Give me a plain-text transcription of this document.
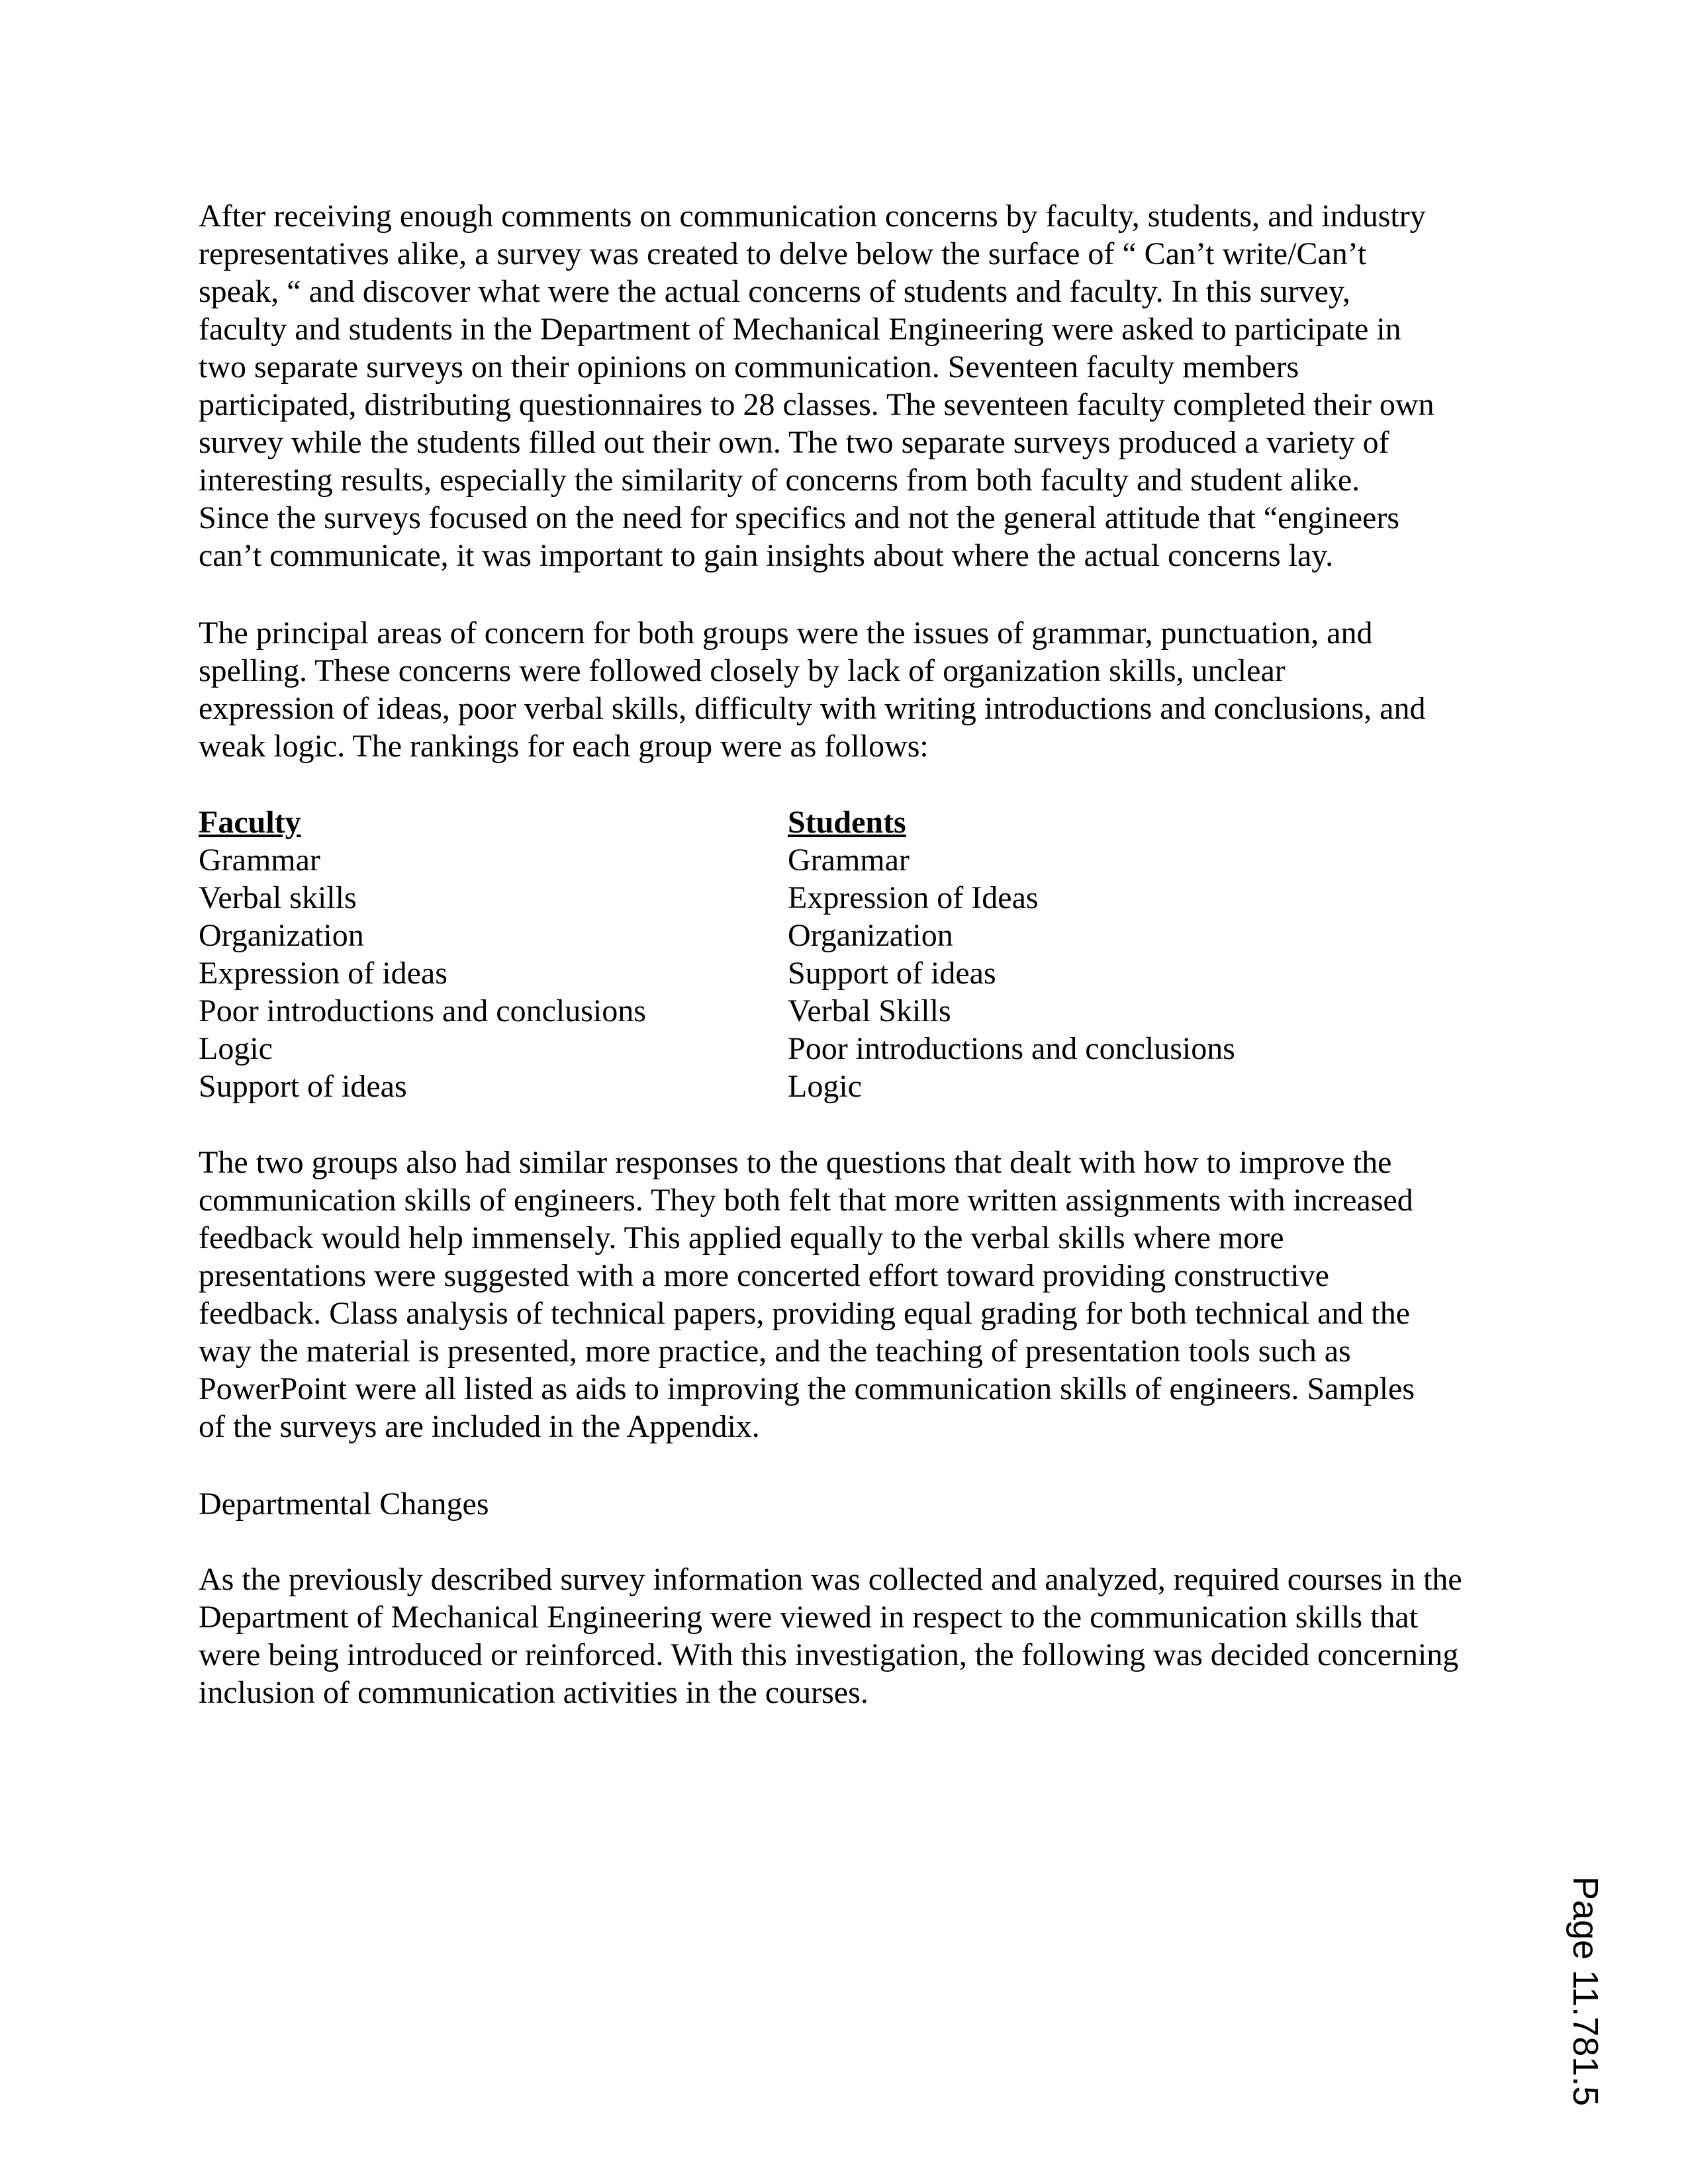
After receiving enough comments on communication concerns by faculty, students, and industry
representatives alike, a survey was created to delve below the surface of “ Can’t write/Can’t
speak, “ and discover what were the actual concerns of students and faculty. In this survey,
faculty and students in the Department of Mechanical Engineering were asked to participate in
two separate surveys on their opinions on communication. Seventeen faculty members
participated, distributing questionnaires to 28 classes. The seventeen faculty completed their own
survey while the students filled out their own. The two separate surveys produced a variety of
interesting results, especially the similarity of concerns from both faculty and student alike.
Since the surveys focused on the need for specifics and not the general attitude that “engineers
can’t communicate, it was important to gain insights about where the actual concerns lay.
The principal areas of concern for both groups were the issues of grammar, punctuation, and
spelling. These concerns were followed closely by lack of organization skills, unclear
expression of ideas, poor verbal skills, difficulty with writing introductions and conclusions, and
weak logic. The rankings for each group were as follows:
Faculty
Grammar
Verbal skills
Organization
Expression of ideas
Poor introductions and conclusions
Logic
Support of ideas
Students
Grammar
Expression of Ideas
Organization
Support of ideas
Verbal Skills
Poor introductions and conclusions
Logic
The two groups also had similar responses to the questions that dealt with how to improve the
communication skills of engineers. They both felt that more written assignments with increased
feedback would help immensely. This applied equally to the verbal skills where more
presentations were suggested with a more concerted effort toward providing constructive
feedback. Class analysis of technical papers, providing equal grading for both technical and the
way the material is presented, more practice, and the teaching of presentation tools such as
PowerPoint were all listed as aids to improving the communication skills of engineers. Samples
of the surveys are included in the Appendix.
Departmental Changes
As the previously described survey information was collected and analyzed, required courses in the
Department of Mechanical Engineering were viewed in respect to the communication skills that
were being introduced or reinforced. With this investigation, the following was decided concerning
inclusion of communication activities in the courses.
Page 11.781.5
